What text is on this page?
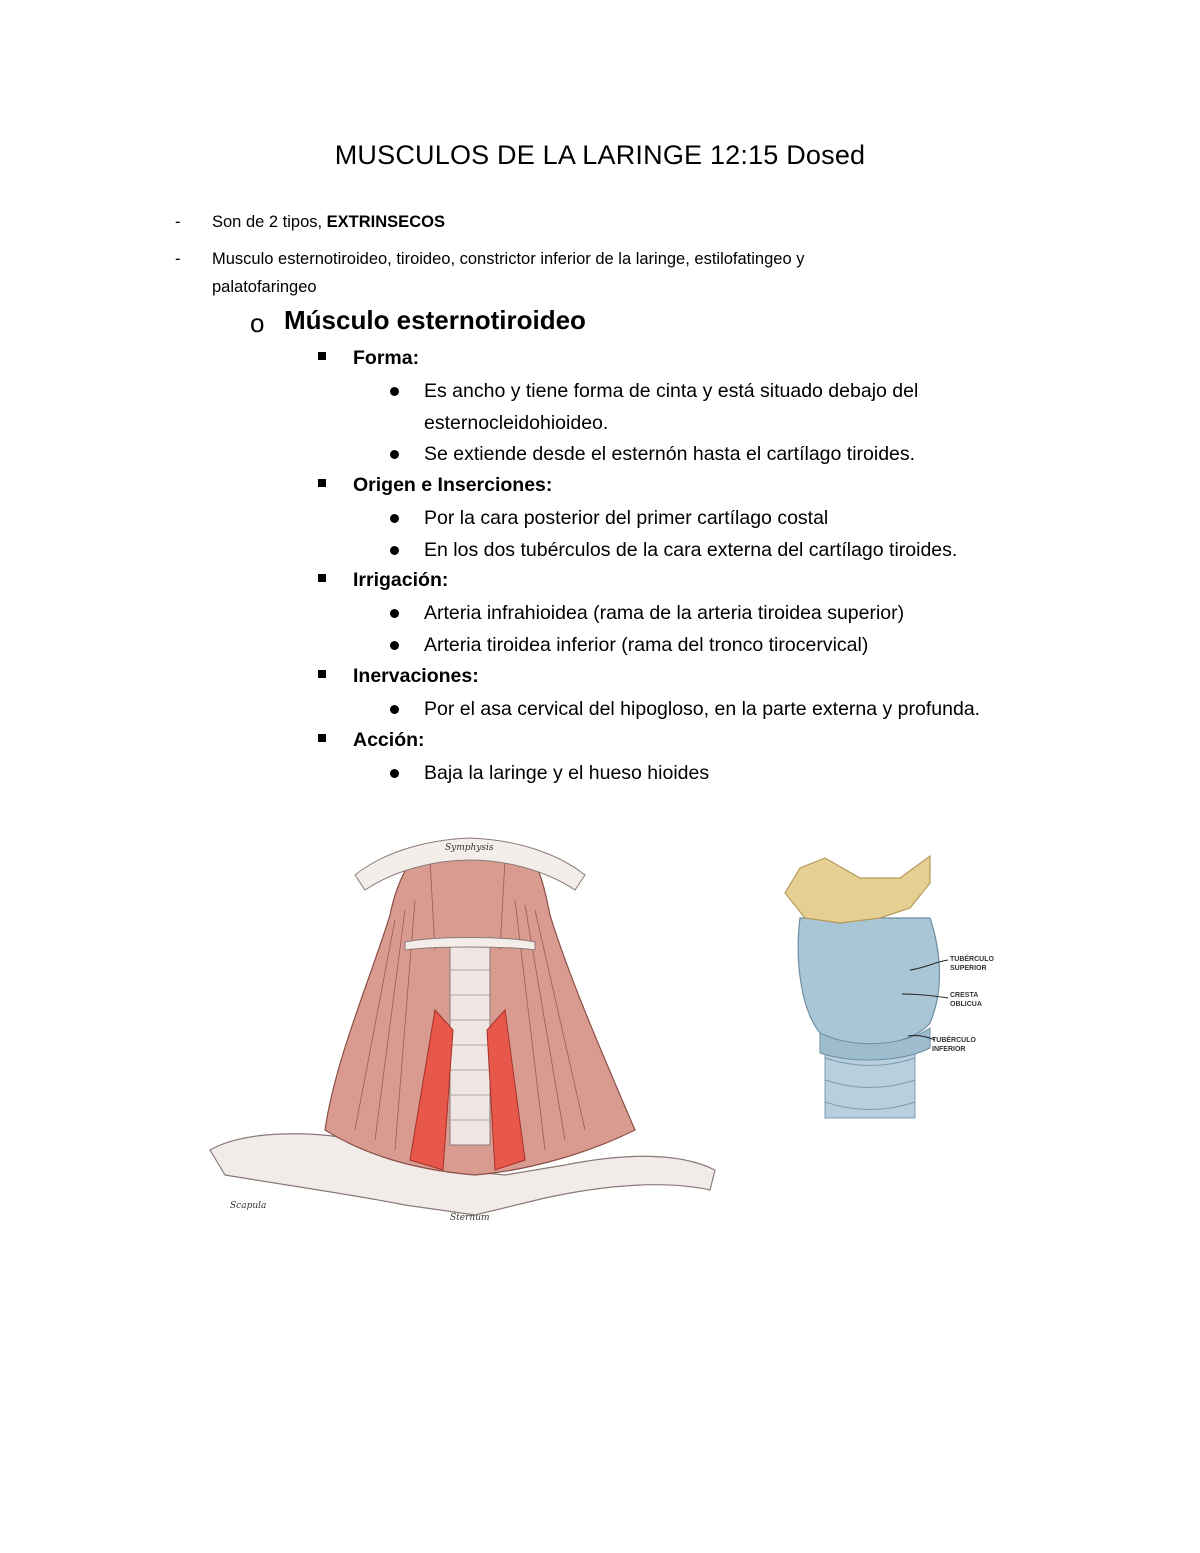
MUSCULOS DE LA LARINGE 12:15 Dosed
- Son de 2 tipos, EXTRINSECOS
- Musculo esternotiroideo, tiroideo, constrictor inferior de la laringe, estilofatingeo y
palatofaringeo
o Músculo esternotiroideo
Forma:
Es ancho y tiene forma de cinta y está situado debajo del
esternocleidohioideo.
Se extiende desde el esternón hasta el cartílago tiroides.
Origen e Inserciones:
Por la cara posterior del primer cartílago costal
En los dos tubérculos de la cara externa del cartílago tiroides.
Irrigación:
Arteria infrahioidea (rama de la arteria tiroidea superior)
Arteria tiroidea inferior (rama del tronco tirocervical)
Inervaciones:
Por el asa cervical del hipogloso, en la parte externa y profunda.
Acción:
Baja la laringe y el hueso hioides
Symphysis
Scapula
Sternum
TUBÉRCULO
SUPERIOR
CRESTA
OBLICUA
TUBÉRCULO
INFERIOR
